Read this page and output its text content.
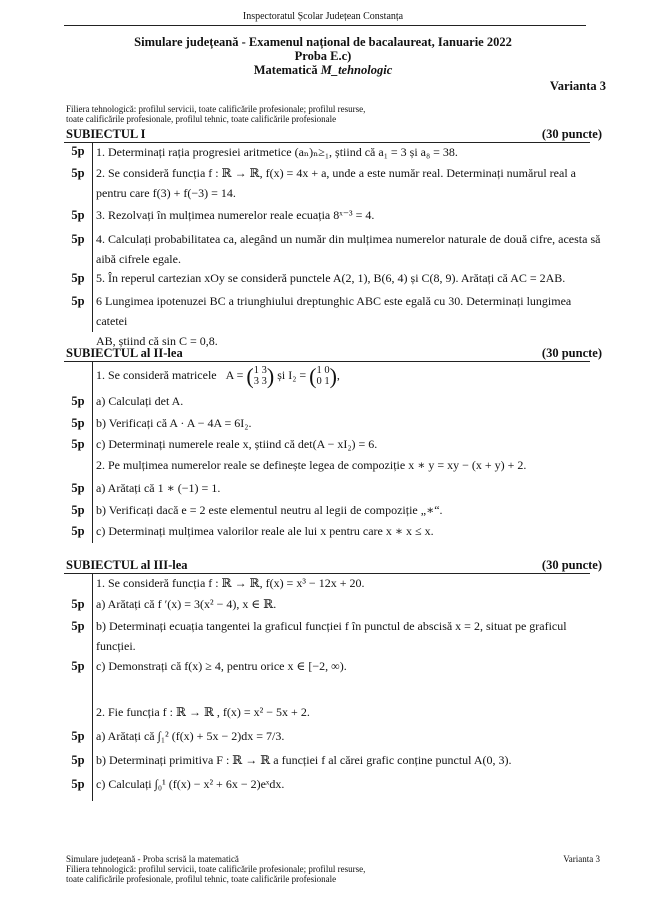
Inspectoratul Școlar Județean Constanța
Simulare județeană - Examenul național de bacalaureat, Ianuarie 2022
Proba E.c)
Matematică M_tehnologic
Varianta 3
Filiera tehnologică: profilul servicii, toate calificările profesionale; profilul resurse,
toate calificările profesionale, profilul tehnic, toate calificările profesionale
SUBIECTUL I	(30 puncte)
5p 1. Determinați rația progresiei aritmetice (aₙ)ₙ≥₁, știind că a₁ = 3 și a₈ = 38.
5p 2. Se consideră funcția f : ℝ → ℝ, f(x) = 4x + a, unde a este număr real. Determinați numărul real a
pentru care f(3) + f(−3) = 14.
5p 3. Rezolvați în mulțimea numerelor reale ecuația 8ˣ⁻³ = 4.
5p 4. Calculați probabilitatea ca, alegând un număr din mulțimea numerelor naturale de două cifre, acesta să
aibă cifrele egale.
5p 5. În reperul cartezian xOy se consideră punctele A(2, 1), B(6, 4) și C(8, 9). Arătați că AC = 2AB.
5p 6 Lungimea ipotenuzei BC a triunghiului dreptunghic ABC este egală cu 30. Determinați lungimea catetei
AB, știind că sin C = 0,8.
SUBIECTUL al II-lea	(30 puncte)
1. Se consideră matricele A = ( 1 3
3 3 ) și I₂ = ( 1 0
0 1 ),
5p a) Calculați det A.
5p b) Verificați că A · A − 4A = 6I₂.
5p c) Determinați numerele reale x, știind că det(A − xI₂) = 6.
2. Pe mulțimea numerelor reale se definește legea de compoziție x ∗ y = xy − (x + y) + 2.
5p a) Arătați că 1 ∗ (−1) = 1.
5p b) Verificați dacă e = 2 este elementul neutru al legii de compoziție „∗“.
5p c) Determinați mulțimea valorilor reale ale lui x pentru care x ∗ x ≤ x.
SUBIECTUL al III-lea	(30 puncte)
1. Se consideră funcția f : ℝ → ℝ, f(x) = x³ − 12x + 20.
5p a) Arătați că f ′(x) = 3(x² − 4), x ∈ ℝ.
5p b) Determinați ecuația tangentei la graficul funcției f în punctul de abscisă x = 2, situat pe graficul
funcției.
5p c) Demonstrați că f(x) ≥ 4, pentru orice x ∈ [−2, ∞).
2. Fie funcția f : ℝ → ℝ , f(x) = x² − 5x + 2.
5p a) Arătați că ∫₁² (f(x) + 5x − 2)dx = 7/3.
5p b) Determinați primitiva F : ℝ → ℝ a funcției f al cărei grafic conține punctul A(0, 3).
5p c) Calculați ∫₀¹ (f(x) − x² + 6x − 2)eˣdx.
Simulare județeană - Proba scrisă la matematică
Filiera tehnologică: profilul servicii, toate calificările profesionale; profilul resurse,
toate calificările profesionale, profilul tehnic, toate calificările profesionale
Varianta 3
